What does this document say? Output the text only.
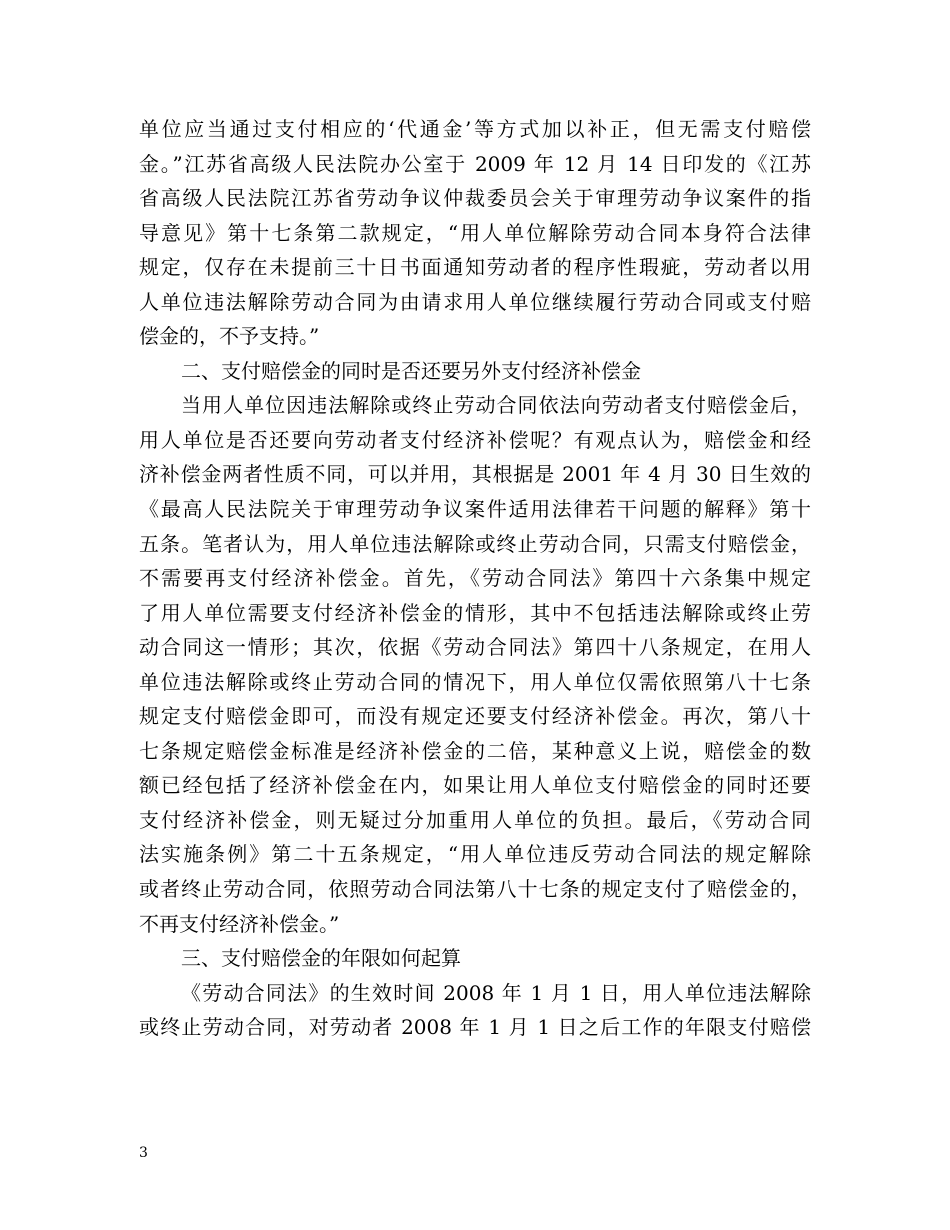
单位应当通过支付相应的‘代通金’等方式加以补正，但无需支付赔偿
金。”江苏省高级人民法院办公室于 2009 年 12 月 14 日印发的《江苏
省高级人民法院江苏省劳动争议仲裁委员会关于审理劳动争议案件的指
导意见》第十七条第二款规定，“用人单位解除劳动合同本身符合法律
规定，仅存在未提前三十日书面通知劳动者的程序性瑕疵，劳动者以用
人单位违法解除劳动合同为由请求用人单位继续履行劳动合同或支付赔
偿金的，不予支持。”
二、支付赔偿金的同时是否还要另外支付经济补偿金
当用人单位因违法解除或终止劳动合同依法向劳动者支付赔偿金后，
用人单位是否还要向劳动者支付经济补偿呢？有观点认为，赔偿金和经
济补偿金两者性质不同，可以并用，其根据是 2001 年 4 月 30 日生效的
《最高人民法院关于审理劳动争议案件适用法律若干问题的解释》第十
五条。笔者认为，用人单位违法解除或终止劳动合同，只需支付赔偿金，
不需要再支付经济补偿金。首先，《劳动合同法》第四十六条集中规定
了用人单位需要支付经济补偿金的情形，其中不包括违法解除或终止劳
动合同这一情形；其次，依据《劳动合同法》第四十八条规定，在用人
单位违法解除或终止劳动合同的情况下，用人单位仅需依照第八十七条
规定支付赔偿金即可，而没有规定还要支付经济补偿金。再次，第八十
七条规定赔偿金标准是经济补偿金的二倍，某种意义上说，赔偿金的数
额已经包括了经济补偿金在内，如果让用人单位支付赔偿金的同时还要
支付经济补偿金，则无疑过分加重用人单位的负担。最后，《劳动合同
法实施条例》第二十五条规定，“用人单位违反劳动合同法的规定解除
或者终止劳动合同，依照劳动合同法第八十七条的规定支付了赔偿金的，
不再支付经济补偿金。”
三、支付赔偿金的年限如何起算
《劳动合同法》的生效时间 2008 年 1 月 1 日，用人单位违法解除
或终止劳动合同，对劳动者 2008 年 1 月 1 日之后工作的年限支付赔偿
3
